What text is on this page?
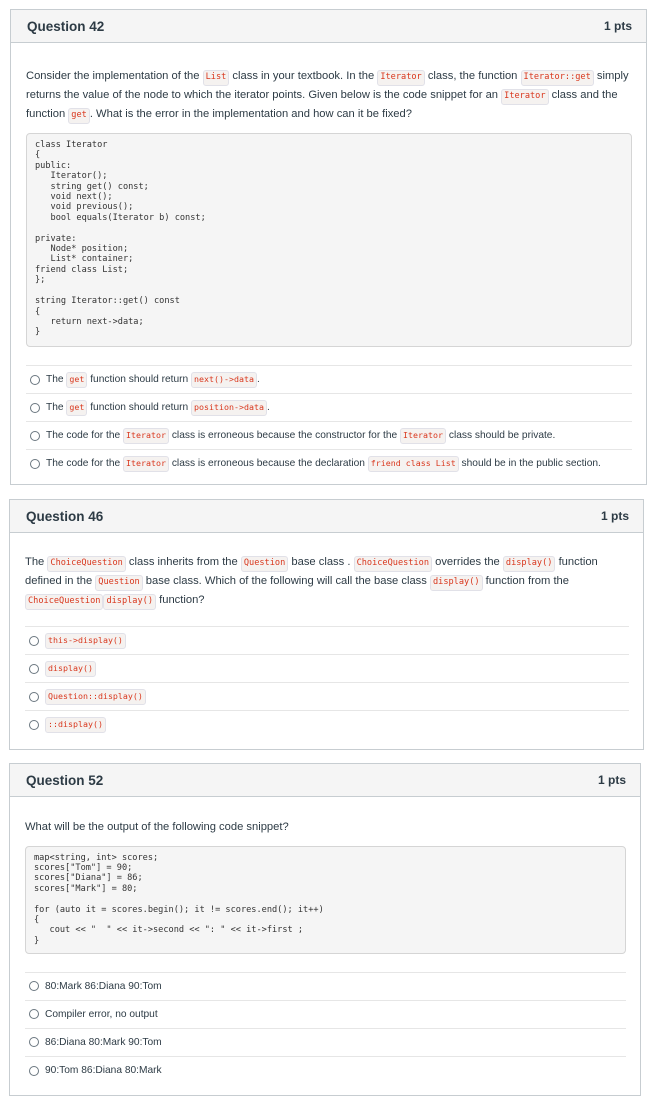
Question 42	1 pts
Consider the implementation of the List class in your textbook. In the Iterator class, the function Iterator::get simply returns the value of the node to which the iterator points. Given below is the code snippet for an Iterator class and the function get . What is the error in the implementation and how can it be fixed?
class Iterator
{
public:
Iterator();
string get() const;
void next();
void previous();
bool equals(Iterator b) const;

private:
Node* position;
List* container;
friend class List;
};

string Iterator::get() const
{
return next->data;
}
The get function should return next()->data .
The get function should return position->data .
The code for the Iterator class is erroneous because the constructor for the Iterator class should be private.
The code for the Iterator class is erroneous because the declaration friend class List should be in the public section.
Question 46	1 pts
The ChoiceQuestion class inherits from the Question base class . ChoiceQuestion overrides the display() function defined in the Question base class. Which of the following will call the base class display() function from the ChoiceQuestion display() function?
this->display()
display()
Question::display()
::display()
Question 52	1 pts
What will be the output of the following code snippet?
map<string, int> scores;
scores["Tom"] = 90;
scores["Diana"] = 86;
scores["Mark"] = 80;

for (auto it = scores.begin(); it != scores.end(); it++)
{
cout << "  " << it->second << ": " << it->first ;
}
80:Mark 86:Diana 90:Tom
Compiler error, no output
86:Diana 80:Mark 90:Tom
90:Tom 86:Diana 80:Mark
